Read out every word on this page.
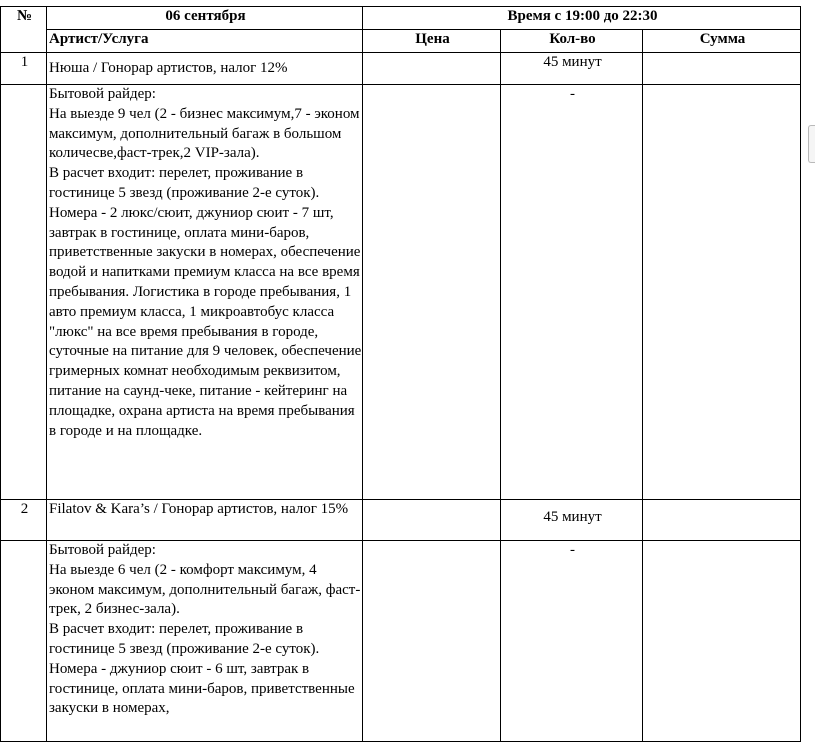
№	06 сентября	Время с 19:00 до 22:30		
	Артист/Услуга	Цена	Кол-во	Сумма
1	Нюша / Гонорар артистов, налог 12%		45 минут	
	Бытовой райдер:
На выезде 9 чел (2 - бизнес максимум,7 - эконом максимум, дополнительный багаж в большом количесве,фаст-трек,2 VIP-зала).
В расчет входит: перелет, проживание в гостинице 5 звезд (проживание 2-е суток). Номера - 2 люкс/сюит, джуниор сюит - 7 шт, завтрак в гостинице, оплата мини-баров, приветственные закуски в номерах, обеспечение водой и напитками премиум класса на все время пребывания. Логистика в городе пребывания, 1 авто премиум класса, 1 микроавтобус класса "люкс" на все время пребывания в городе, суточные на питание для 9 человек, обеспечение гримерных комнат необходимым реквизитом, питание на саунд-чеке, питание - кейтеринг на площадке, охрана артиста на время пребывания в городе и на площадке.		-	
2	Filatov & Kara’s / Гонорар артистов, налог 15%		45 минут	
	Бытовой райдер:
На выезде 6 чел (2 - комфорт максимум, 4 эконом максимум, дополнительный багаж, фаст-трек, 2 бизнес-зала).
В расчет входит: перелет, проживание в гостинице 5 звезд (проживание 2-е суток). Номера - джуниор сюит - 6 шт, завтрак в гостинице, оплата мини-баров, приветственные закуски в номерах,		-	
